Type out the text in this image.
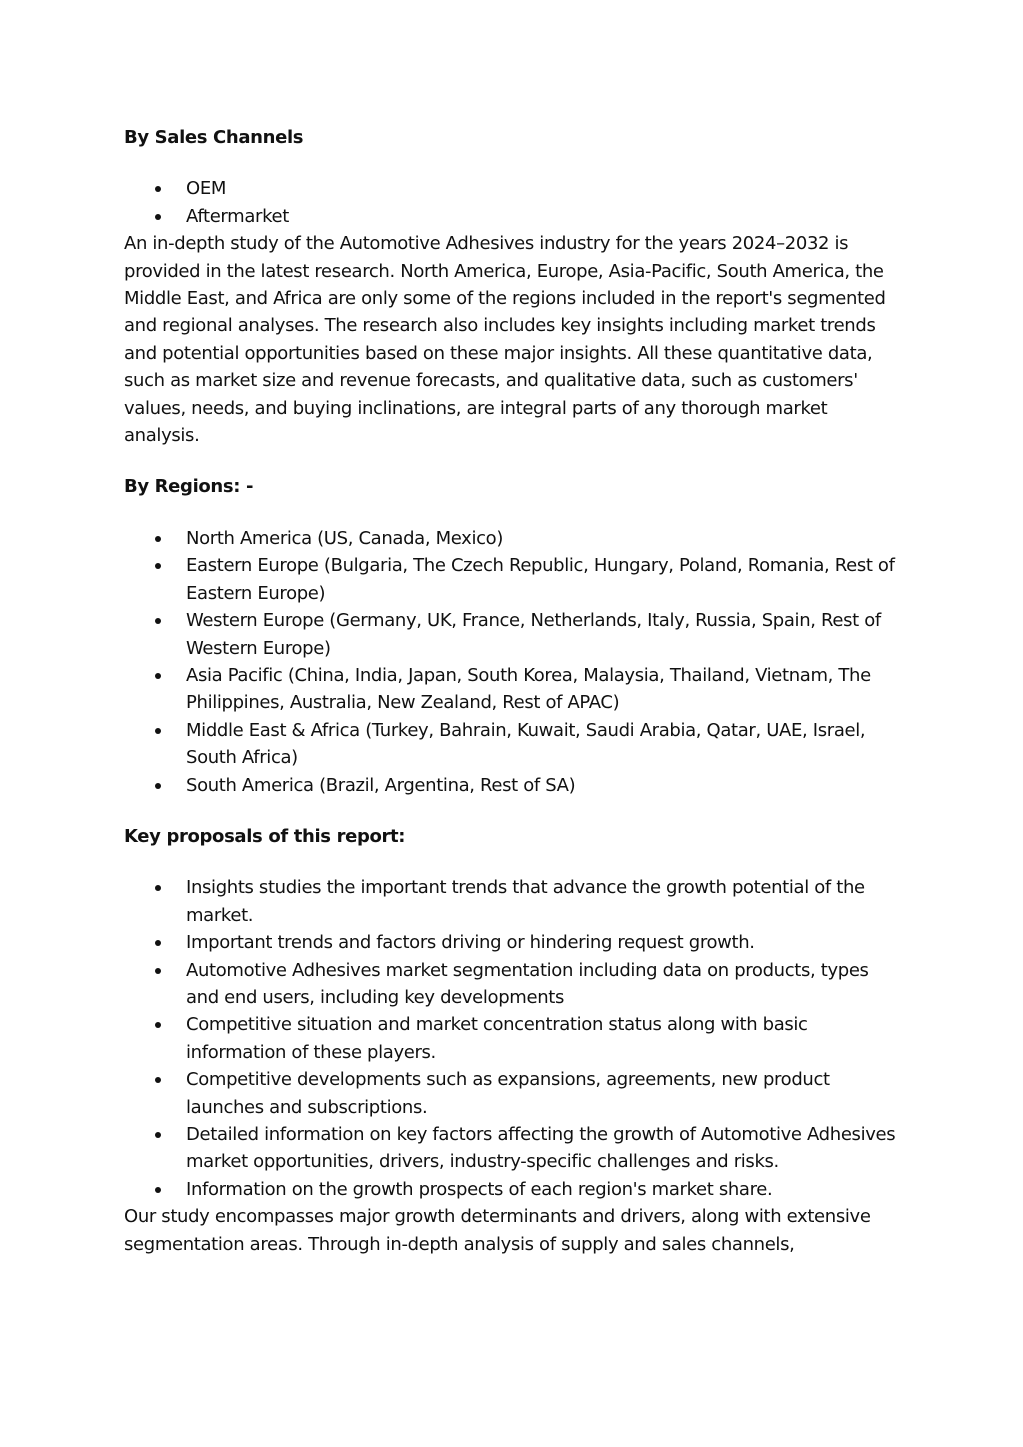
By Sales Channels

OEM
Aftermarket

An in-depth study of the Automotive Adhesives industry for the years 2024–2032 is provided in the latest research. North America, Europe, Asia-Pacific, South America, the Middle East, and Africa are only some of the regions included in the report's segmented and regional analyses. The research also includes key insights including market trends and potential opportunities based on these major insights. All these quantitative data, such as market size and revenue forecasts, and qualitative data, such as customers' values, needs, and buying inclinations, are integral parts of any thorough market analysis.

By Regions: -

North America (US, Canada, Mexico)
Eastern Europe (Bulgaria, The Czech Republic, Hungary, Poland, Romania, Rest of Eastern Europe)
Western Europe (Germany, UK, France, Netherlands, Italy, Russia, Spain, Rest of Western Europe)
Asia Pacific (China, India, Japan, South Korea, Malaysia, Thailand, Vietnam, The Philippines, Australia, New Zealand, Rest of APAC)
Middle East & Africa (Turkey, Bahrain, Kuwait, Saudi Arabia, Qatar, UAE, Israel, South Africa)
South America (Brazil, Argentina, Rest of SA)

Key proposals of this report:

Insights studies the important trends that advance the growth potential of the market.
Important trends and factors driving or hindering request growth.
Automotive Adhesives market segmentation including data on products, types and end users, including key developments
Competitive situation and market concentration status along with basic information of these players.
Competitive developments such as expansions, agreements, new product launches and subscriptions.
Detailed information on key factors affecting the growth of Automotive Adhesives market opportunities, drivers, industry-specific challenges and risks.
Information on the growth prospects of each region's market share.

Our study encompasses major growth determinants and drivers, along with extensive segmentation areas. Through in-depth analysis of supply and sales channels,
